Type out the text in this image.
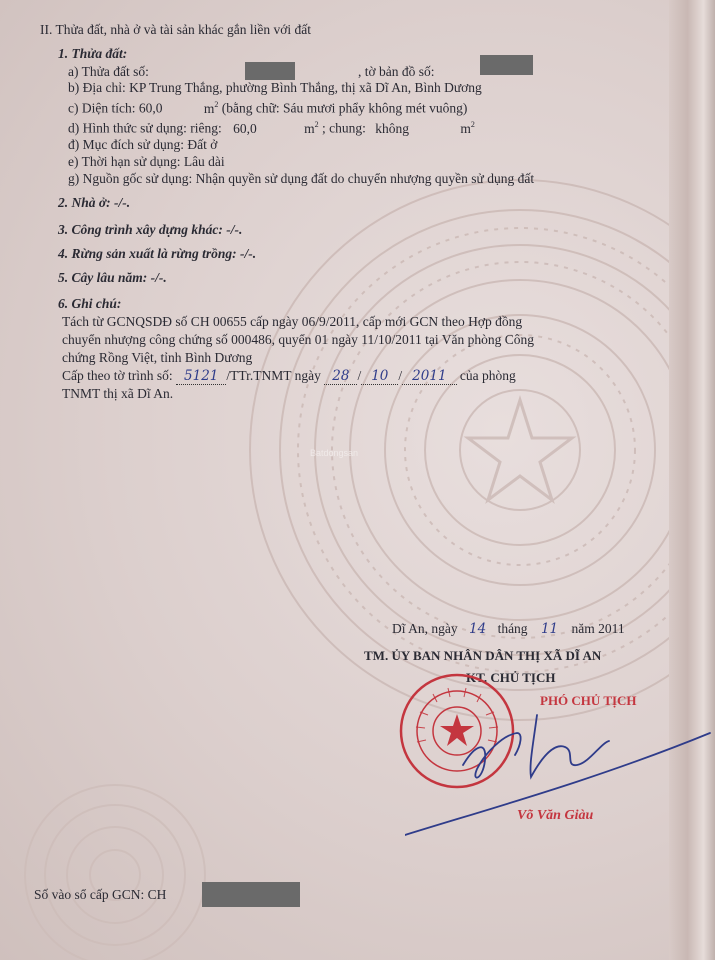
II. Thửa đất, nhà ở và tài sản khác gắn liền với đất
1. Thửa đất:
a) Thửa đất số:	, tờ bản đồ số:
b) Địa chỉ: KP Trung Thắng, phường Bình Thắng, thị xã Dĩ An, Bình Dương
c) Diện tích: 60,0	$m^2$ (bằng chữ: Sáu mươi phẩy không mét vuông)
d) Hình thức sử dụng: riêng: 60,0	$m^2$ ; chung: không	$m^2$
đ) Mục đích sử dụng: Đất ở
e) Thời hạn sử dụng: Lâu dài
g) Nguồn gốc sử dụng: Nhận quyền sử dụng đất do chuyển nhượng quyền sử dụng đất
2. Nhà ở: -/-.
3. Công trình xây dựng khác: -/-.
4. Rừng sản xuất là rừng trồng: -/-.
5. Cây lâu năm: -/-.
6. Ghi chú:
Tách từ GCNQSDĐ số CH 00655 cấp ngày 06/9/2011, cấp mới GCN theo Hợp đồng
chuyển nhượng công chứng số 000486, quyển 01 ngày 11/10/2011 tại Văn phòng Công
chứng Rồng Việt, tỉnh Bình Dương
Cấp theo tờ trình số: 5121 /TTr.TNMT ngày 28 / 10 / 2011 của phòng
TNMT thị xã Dĩ An.
Batdongsan
Dĩ An, ngày 14 tháng 11 năm 2011
TM. ỦY BAN NHÂN DÂN THỊ XÃ DĨ AN
KT. CHỦ TỊCH
PHÓ CHỦ TỊCH
Võ Văn Giàu
Số vào sổ cấp GCN: CH
